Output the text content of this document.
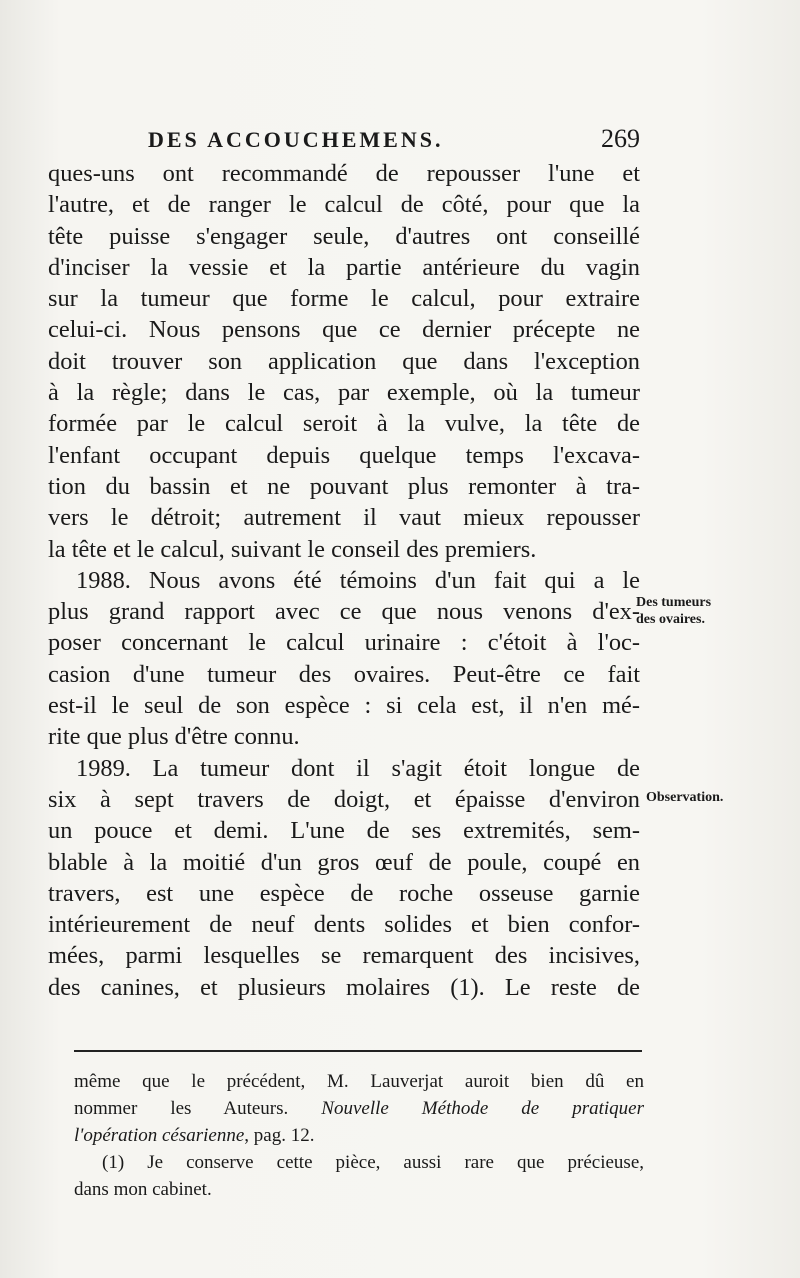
DES ACCOUCHEMENS.	269
ques-uns ont recommandé de repousser l'une et
l'autre, et de ranger le calcul de côté, pour que la
tête puisse s'engager seule, d'autres ont conseillé
d'inciser la vessie et la partie antérieure du vagin
sur la tumeur que forme le calcul, pour extraire
celui-ci. Nous pensons que ce dernier précepte ne
doit trouver son application que dans l'exception
à la règle; dans le cas, par exemple, où la tumeur
formée par le calcul seroit à la vulve, la tête de
l'enfant occupant depuis quelque temps l'excava-
tion du bassin et ne pouvant plus remonter à tra-
vers le détroit; autrement il vaut mieux repousser
la tête et le calcul, suivant le conseil des premiers.
1988. Nous avons été témoins d'un fait qui a le
plus grand rapport avec ce que nous venons d'ex-
poser concernant le calcul urinaire : c'étoit à l'oc-
casion d'une tumeur des ovaires. Peut-être ce fait
est-il le seul de son espèce : si cela est, il n'en mé-
rite que plus d'être connu.
1989. La tumeur dont il s'agit étoit longue de
six à sept travers de doigt, et épaisse d'environ
un pouce et demi. L'une de ses extremités, sem-
blable à la moitié d'un gros œuf de poule, coupé en
travers, est une espèce de roche osseuse garnie
intérieurement de neuf dents solides et bien confor-
mées, parmi lesquelles se remarquent des incisives,
des canines, et plusieurs molaires (1). Le reste de
Des tumeurs
des ovaires.
Observation.
même que le précédent, M. Lauverjat auroit bien dû en
nommer les Auteurs. Nouvelle Méthode de pratiquer
l'opération césarienne, pag. 12.
(1) Je conserve cette pièce, aussi rare que précieuse,
dans mon cabinet.
